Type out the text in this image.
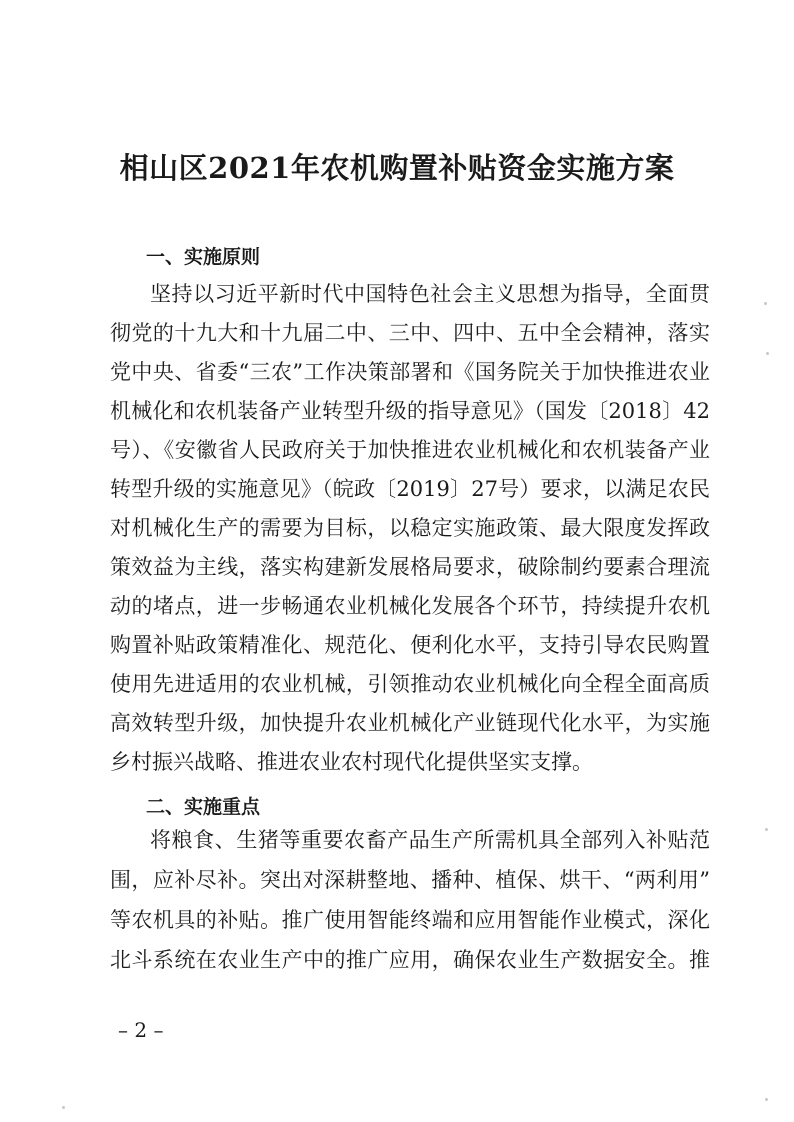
相山区2021年农机购置补贴资金实施方案
一、实施原则
坚持以习近平新时代中国特色社会主义思想为指导，全面贯
彻党的十九大和十九届二中、三中、四中、五中全会精神，落实
党中央、省委“三农”工作决策部署和《国务院关于加快推进农业
机械化和农机装备产业转型升级的指导意见》（国发〔2018〕42
号）、《安徽省人民政府关于加快推进农业机械化和农机装备产业
转型升级的实施意见》（皖政〔2019〕27号）要求，以满足农民
对机械化生产的需要为目标，以稳定实施政策、最大限度发挥政
策效益为主线，落实构建新发展格局要求，破除制约要素合理流
动的堵点，进一步畅通农业机械化发展各个环节，持续提升农机
购置补贴政策精准化、规范化、便利化水平，支持引导农民购置
使用先进适用的农业机械，引领推动农业机械化向全程全面高质
高效转型升级，加快提升农业机械化产业链现代化水平，为实施
乡村振兴战略、推进农业农村现代化提供坚实支撑。
二、实施重点
将粮食、生猪等重要农畜产品生产所需机具全部列入补贴范
围，应补尽补。突出对深耕整地、播种、植保、烘干、“两利用”
等农机具的补贴。推广使用智能终端和应用智能作业模式，深化
北斗系统在农业生产中的推广应用，确保农业生产数据安全。推
– 2 –
